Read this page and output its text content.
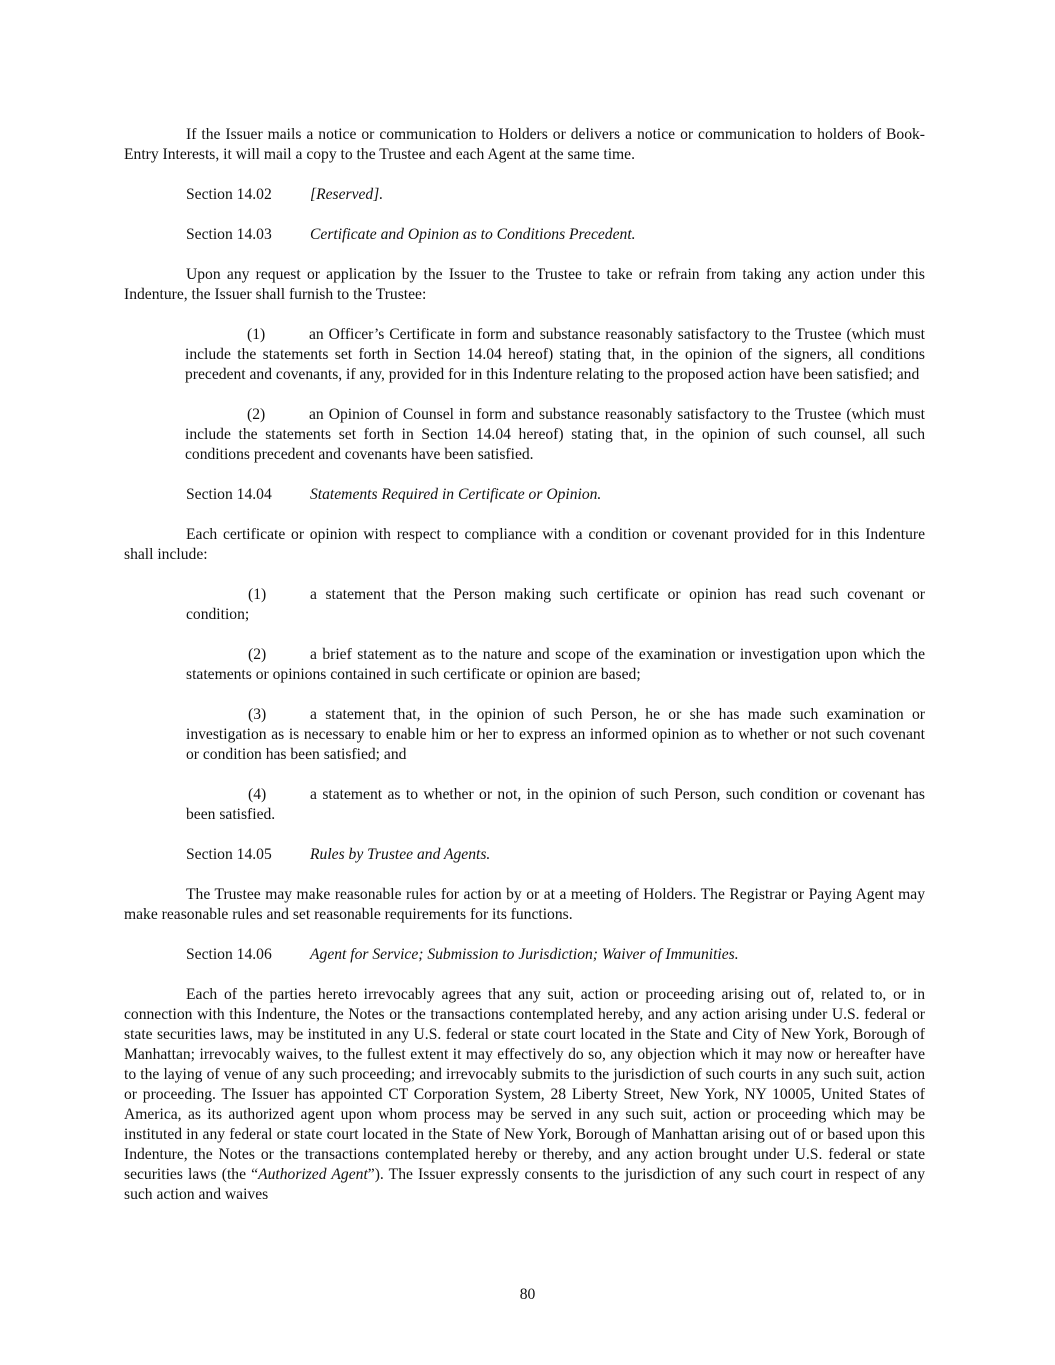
If the Issuer mails a notice or communication to Holders or delivers a notice or communication to holders of Book-Entry Interests, it will mail a copy to the Trustee and each Agent at the same time.

Section 14.02 [Reserved].

Section 14.03 Certificate and Opinion as to Conditions Precedent.

Upon any request or application by the Issuer to the Trustee to take or refrain from taking any action under this Indenture, the Issuer shall furnish to the Trustee:

(1)	an Officer’s Certificate in form and substance reasonably satisfactory to the Trustee (which must include the statements set forth in Section 14.04 hereof) stating that, in the opinion of the signers, all conditions precedent and covenants, if any, provided for in this Indenture relating to the proposed action have been satisfied; and

(2)	an Opinion of Counsel in form and substance reasonably satisfactory to the Trustee (which must include the statements set forth in Section 14.04 hereof) stating that, in the opinion of such counsel, all such conditions precedent and covenants have been satisfied.

Section 14.04 Statements Required in Certificate or Opinion.

Each certificate or opinion with respect to compliance with a condition or covenant provided for in this Indenture shall include:

(1)	a statement that the Person making such certificate or opinion has read such covenant or condition;

(2)	a brief statement as to the nature and scope of the examination or investigation upon which the statements or opinions contained in such certificate or opinion are based;

(3)	a statement that, in the opinion of such Person, he or she has made such examination or investigation as is necessary to enable him or her to express an informed opinion as to whether or not such covenant or condition has been satisfied; and

(4)	a statement as to whether or not, in the opinion of such Person, such condition or covenant has been satisfied.

Section 14.05 Rules by Trustee and Agents.

The Trustee may make reasonable rules for action by or at a meeting of Holders. The Registrar or Paying Agent may make reasonable rules and set reasonable requirements for its functions.

Section 14.06 Agent for Service; Submission to Jurisdiction; Waiver of Immunities.

Each of the parties hereto irrevocably agrees that any suit, action or proceeding arising out of, related to, or in connection with this Indenture, the Notes or the transactions contemplated hereby, and any action arising under U.S. federal or state securities laws, may be instituted in any U.S. federal or state court located in the State and City of New York, Borough of Manhattan; irrevocably waives, to the fullest extent it may effectively do so, any objection which it may now or hereafter have to the laying of venue of any such proceeding; and irrevocably submits to the jurisdiction of such courts in any such suit, action or proceeding. The Issuer has appointed CT Corporation System, 28 Liberty Street, New York, NY 10005, United States of America, as its authorized agent upon whom process may be served in any such suit, action or proceeding which may be instituted in any federal or state court located in the State of New York, Borough of Manhattan arising out of or based upon this Indenture, the Notes or the transactions contemplated hereby or thereby, and any action brought under U.S. federal or state securities laws (the “Authorized Agent”). The Issuer expressly consents to the jurisdiction of any such court in respect of any such action and waives

80
